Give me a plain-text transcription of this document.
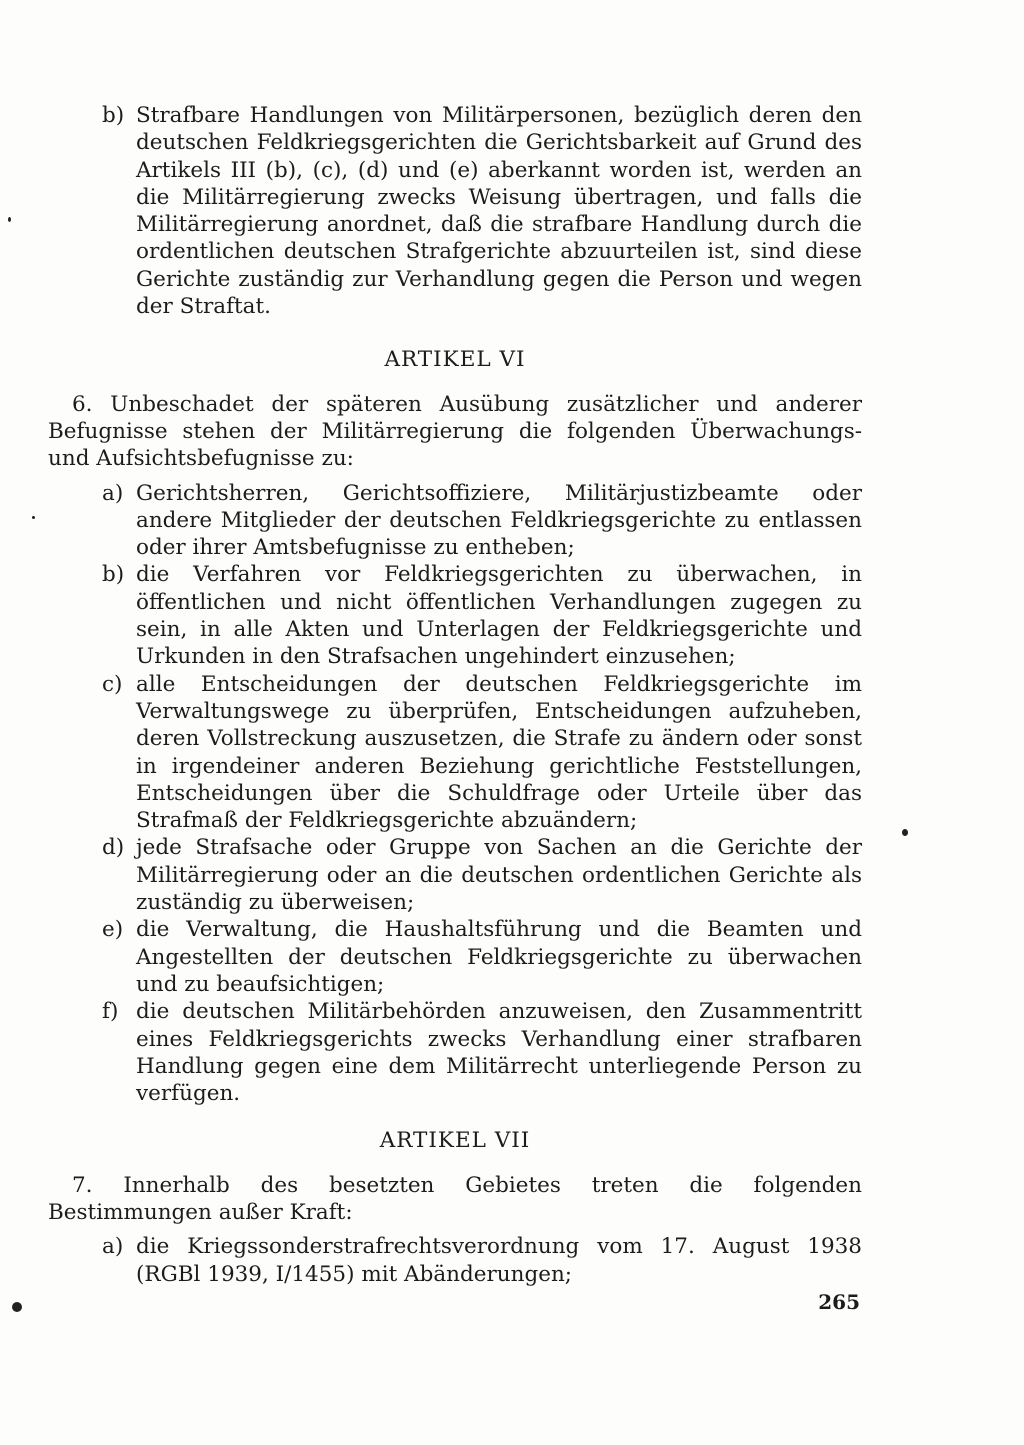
b) Strafbare Handlungen von Militärpersonen, bezüglich deren den deutschen Feldkriegsgerichten die Gerichtsbarkeit auf Grund des Artikels III (b), (c), (d) und (e) aberkannt worden ist, werden an die Militärregierung zwecks Weisung übertragen, und falls die Militärregierung anordnet, daß die strafbare Handlung durch die ordentlichen deutschen Strafgerichte abzuurteilen ist, sind diese Gerichte zuständig zur Verhandlung gegen die Person und wegen der Straftat.

ARTIKEL VI

6. Unbeschadet der späteren Ausübung zusätzlicher und anderer Befugnisse stehen der Militärregierung die folgenden Überwachungs- und Aufsichtsbefugnisse zu:

a) Gerichtsherren, Gerichtsoffiziere, Militärjustizbeamte oder andere Mitglieder der deutschen Feldkriegsgerichte zu entlassen oder ihrer Amtsbefugnisse zu entheben;
b) die Verfahren vor Feldkriegsgerichten zu überwachen, in öffentlichen und nicht öffentlichen Verhandlungen zugegen zu sein, in alle Akten und Unterlagen der Feldkriegsgerichte und Urkunden in den Strafsachen ungehindert einzusehen;
c) alle Entscheidungen der deutschen Feldkriegsgerichte im Verwaltungswege zu überprüfen, Entscheidungen aufzuheben, deren Vollstreckung auszusetzen, die Strafe zu ändern oder sonst in irgendeiner anderen Beziehung gerichtliche Feststellungen, Entscheidungen über die Schuldfrage oder Urteile über das Strafmaß der Feldkriegsgerichte abzuändern;
d) jede Strafsache oder Gruppe von Sachen an die Gerichte der Militärregierung oder an die deutschen ordentlichen Gerichte als zuständig zu überweisen;
e) die Verwaltung, die Haushaltsführung und die Beamten und Angestellten der deutschen Feldkriegsgerichte zu überwachen und zu beaufsichtigen;
f) die deutschen Militärbehörden anzuweisen, den Zusammentritt eines Feldkriegsgerichts zwecks Verhandlung einer strafbaren Handlung gegen eine dem Militärrecht unterliegende Person zu verfügen.

ARTIKEL VII

7. Innerhalb des besetzten Gebietes treten die folgenden Bestimmungen außer Kraft:

a) die Kriegssonderstrafrechtsverordnung vom 17. August 1938 (RGBl 1939, I/1455) mit Abänderungen;
265
